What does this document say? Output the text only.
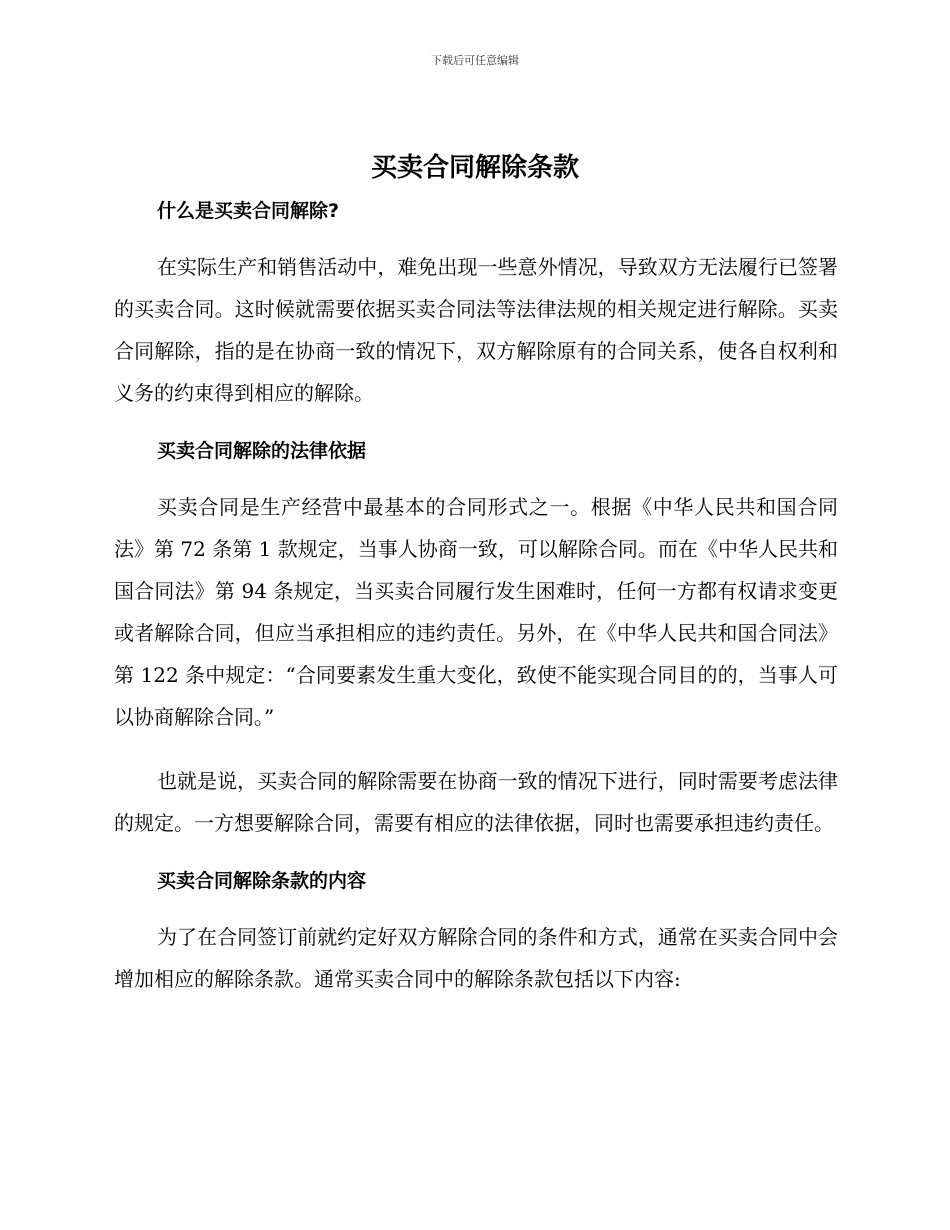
下载后可任意编辑
买卖合同解除条款
什么是买卖合同解除?

在实际生产和销售活动中，难免出现一些意外情况，导致双方无法履行已签署的买卖合同。这时候就需要依据买卖合同法等法律法规的相关规定进行解除。买卖合同解除，指的是在协商一致的情况下，双方解除原有的合同关系，使各自权利和义务的约束得到相应的解除。

买卖合同解除的法律依据

买卖合同是生产经营中最基本的合同形式之一。根据《中华人民共和国合同法》第 72 条第 1 款规定，当事人协商一致，可以解除合同。而在《中华人民共和国合同法》第 94 条规定，当买卖合同履行发生困难时，任何一方都有权请求变更或者解除合同，但应当承担相应的违约责任。另外，在《中华人民共和国合同法》第 122 条中规定：“合同要素发生重大变化，致使不能实现合同目的的，当事人可以协商解除合同。”

也就是说，买卖合同的解除需要在协商一致的情况下进行，同时需要考虑法律的规定。一方想要解除合同，需要有相应的法律依据，同时也需要承担违约责任。

买卖合同解除条款的内容

为了在合同签订前就约定好双方解除合同的条件和方式，通常在买卖合同中会增加相应的解除条款。通常买卖合同中的解除条款包括以下内容:
